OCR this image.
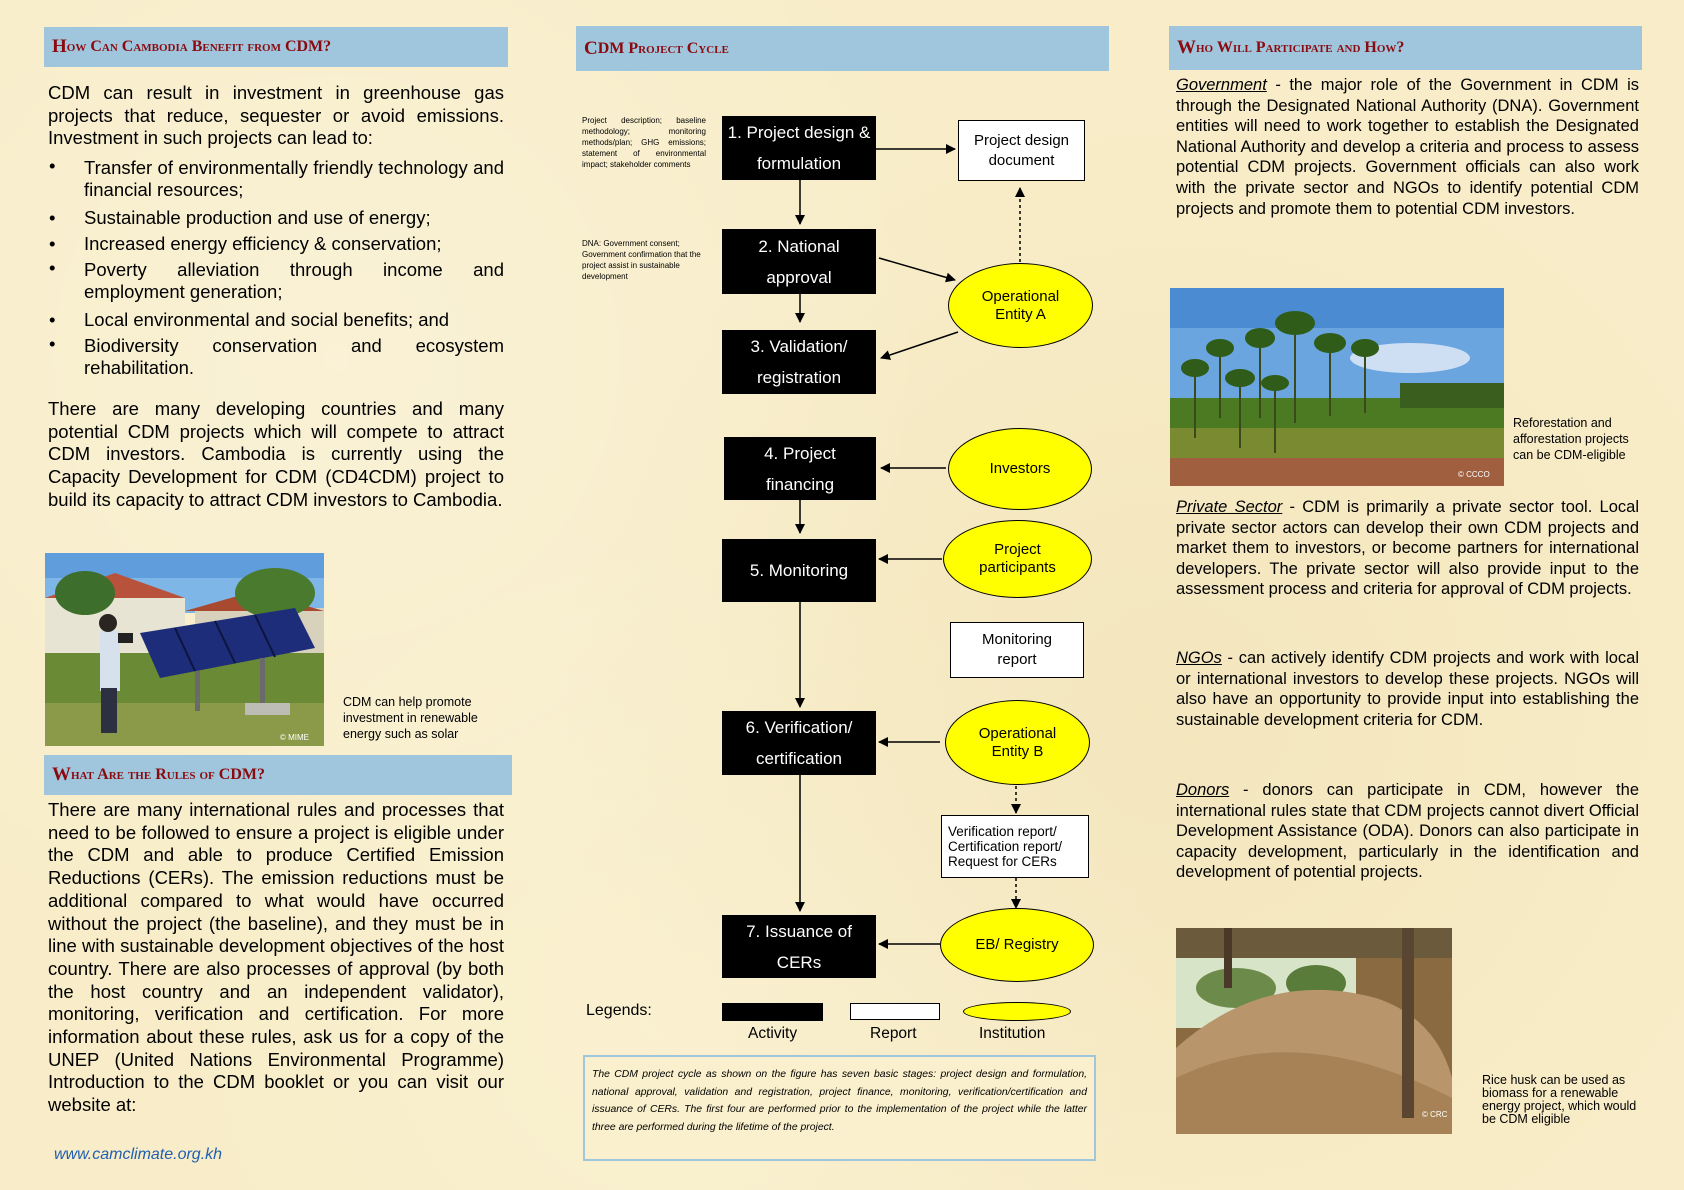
H ow Can Cambodia Benefit from CDM?

CDM can result in investment in greenhouse gas projects that reduce, sequester or avoid emissions. Investment in such projects can lead to:

• Transfer of environmentally friendly technology and financial resources;
• Sustainable production and use of energy;
• Increased energy efficiency & conservation;
• Poverty alleviation through income and employment generation;
• Local environmental and social benefits; and
• Biodiversity conservation and ecosystem rehabilitation.

There are many developing countries and many potential CDM projects which will compete to attract CDM investors. Cambodia is currently using the Capacity Development for CDM (CD4CDM) project to build its capacity to attract CDM investors to Cambodia.

© MIME
CDM can help promote investment in renewable energy such as solar
W hat Are the Rules of CDM?

There are many international rules and processes that need to be followed to ensure a project is eligible under the CDM and able to produce Certified Emission Reductions (CERs). The emission reductions must be additional compared to what would have occurred without the project (the baseline), and they must be in line with sustainable development objectives of the host country. There are also processes of approval (by both the host country and an independent validator), monitoring, verification and certification. For more information about these rules, ask us for a copy of the UNEP (United Nations Environmental Programme) Introduction to the CDM booklet or you can visit our website at:

www.camclimate.org.kh
C DM Project Cycle
Project description; baseline methodology; monitoring methods/plan; GHG emissions; statement of environmental impact; stakeholder comments
DNA: Government consent; Government confirmation that the project assist in sustainable development
1. Project design & formulation
2. National approval
3. Validation/ registration
4. Project financing
5. Monitoring
6. Verification/ certification
7. Issuance of CERs
Project design document
Monitoring report
Verification report/ Certification report/ Request for CERs
Operational Entity A
Investors
Project participants
Operational Entity B
EB/ Registry
Legends:
Activity	Report	Institution
The CDM project cycle as shown on the figure has seven basic stages: project design and formulation, national approval, validation and registration, project finance, monitoring, verification/certification and issuance of CERs. The first four are performed prior to the implementation of the project while the latter three are performed during the lifetime of the project.
W ho Will Participate and How?
Government - the major role of the Government in CDM is through the Designated National Authority (DNA). Government entities will need to work together to establish the Designated National Authority and develop a criteria and process to assess potential CDM projects. Government officials can also work with the private sector and NGOs to identify potential CDM projects and promote them to potential CDM investors.
© CCCO
Reforestation and afforestation projects can be CDM-eligible
Private Sector - CDM is primarily a private sector tool. Local private sector actors can develop their own CDM projects and market them to investors, or become partners for international developers. The private sector will also provide input to the assessment process and criteria for approval of CDM projects.
NGOs - can actively identify CDM projects and work with local or international investors to develop these projects. NGOs will also have an opportunity to provide input into establishing the sustainable development criteria for CDM.
Donors - donors can participate in CDM, however the international rules state that CDM projects cannot divert Official Development Assistance (ODA). Donors can also participate in capacity development, particularly in the identification and development of potential projects.
© CRC
Rice husk can be used as biomass for a renewable energy project, which would be CDM eligible
